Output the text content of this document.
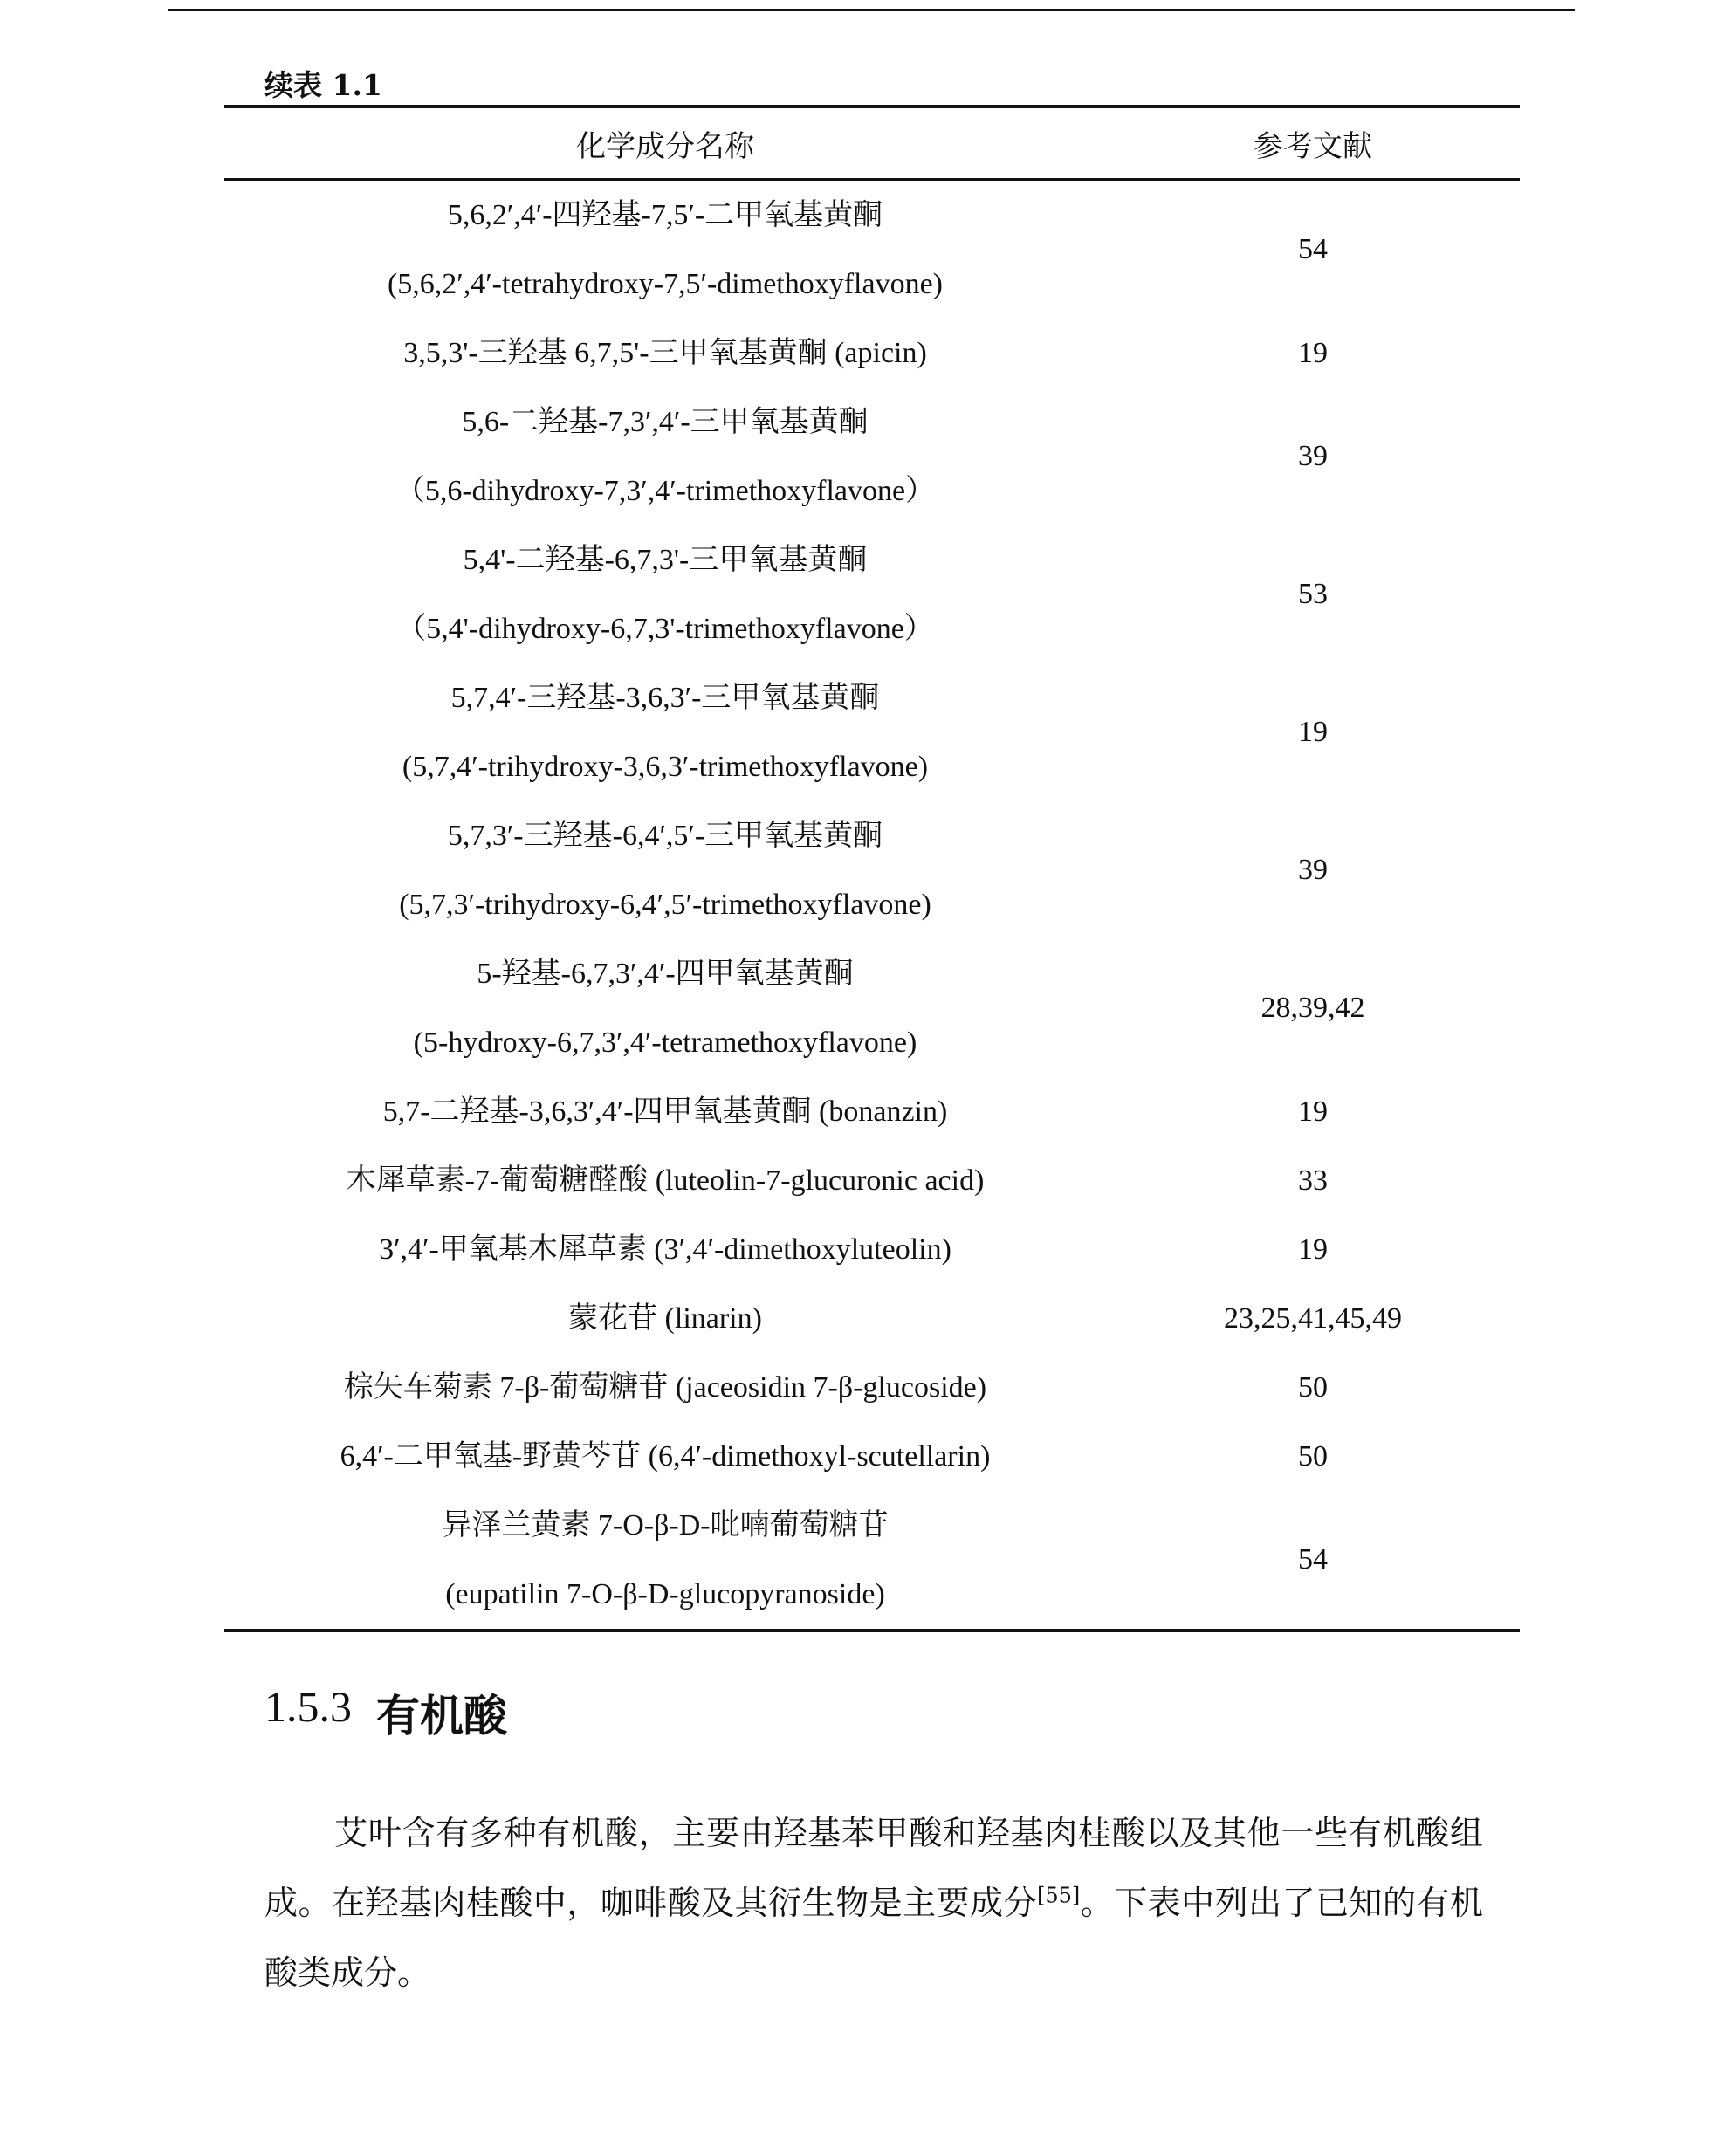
续表 1.1
化学成分名称	参考文献

5,6,2′,4′-四羟基-7,5′-二甲氧基黄酮
(5,6,2′,4′-tetrahydroxy-7,5′-dimethoxyflavone)	54

3,5,3'-三羟基 6,7,5'-三甲氧基黄酮 (apicin)	19

5,6-二羟基-7,3′,4′-三甲氧基黄酮
（5,6-dihydroxy-7,3′,4′-trimethoxyflavone）	39

5,4'-二羟基-6,7,3'-三甲氧基黄酮
（5,4'-dihydroxy-6,7,3'-trimethoxyflavone）	53

5,7,4′-三羟基-3,6,3′-三甲氧基黄酮
(5,7,4′-trihydroxy-3,6,3′-trimethoxyflavone)	19

5,7,3′-三羟基-6,4′,5′-三甲氧基黄酮
(5,7,3′-trihydroxy-6,4′,5′-trimethoxyflavone)	39

5-羟基-6,7,3′,4′-四甲氧基黄酮
(5-hydroxy-6,7,3′,4′-tetramethoxyflavone)	28,39,42

5,7-二羟基-3,6,3′,4′-四甲氧基黄酮 (bonanzin)	19

木犀草素-7-葡萄糖醛酸 (luteolin-7-glucuronic acid)	33

3′,4′-甲氧基木犀草素 (3′,4′-dimethoxyluteolin)	19

蒙花苷 (linarin)	23,25,41,45,49

棕矢车菊素 7-β-葡萄糖苷 (jaceosidin 7-β-glucoside)	50

6,4′-二甲氧基-野黄芩苷 (6,4′-dimethoxyl-scutellarin)	50

异泽兰黄素 7-O-β-D-吡喃葡萄糖苷
(eupatilin 7-O-β-D-glucopyranoside)	54
1.5.3 有机酸

艾叶含有多种有机酸，主要由羟基苯甲酸和羟基肉桂酸以及其他一些有机酸组成。在羟基肉桂酸中，咖啡酸及其衍生物是主要成分[55]。下表中列出了已知的有机酸类成分。
